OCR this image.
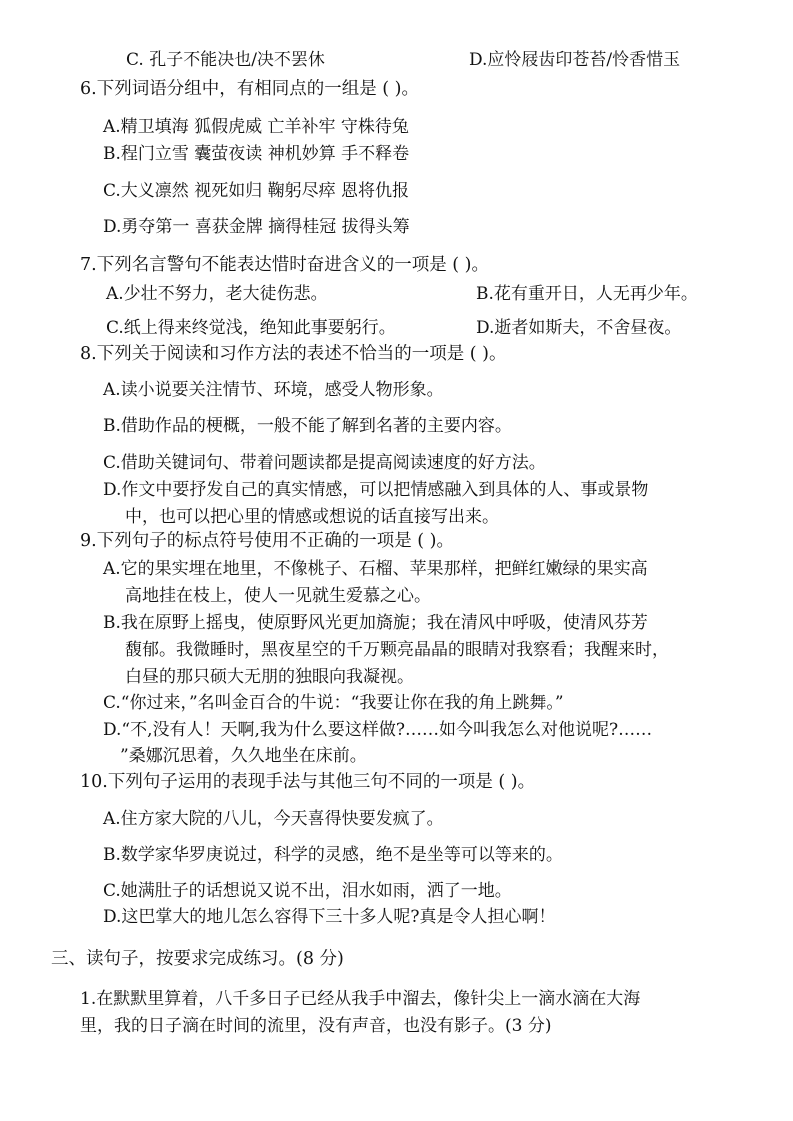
C. 孔子不能决也/决不罢休	D.应怜屐齿印苍苔/怜香惜玉
6.下列词语分组中，有相同点的一组是 ( )。
A.精卫填海 狐假虎威 亡羊补牢 守株待兔
B.程门立雪 囊萤夜读 神机妙算 手不释卷
C.大义凛然 视死如归 鞠躬尽瘁 恩将仇报
D.勇夺第一 喜获金牌 摘得桂冠 拔得头筹
7.下列名言警句不能表达惜时奋进含义的一项是 ( )。
A.少壮不努力，老大徒伤悲。	B.花有重开日，人无再少年。
C.纸上得来终觉浅，绝知此事要躬行。	D.逝者如斯夫，不舍昼夜。
8.下列关于阅读和习作方法的表述不恰当的一项是 ( )。
A.读小说要关注情节、环境，感受人物形象。
B.借助作品的梗概，一般不能了解到名著的主要内容。
C.借助关键词句、带着问题读都是提高阅读速度的好方法。
D.作文中要抒发自己的真实情感，可以把情感融入到具体的人、事或景物
中，也可以把心里的情感或想说的话直接写出来。
9.下列句子的标点符号使用不正确的一项是 ( )。
A.它的果实埋在地里，不像桃子、石榴、苹果那样，把鲜红嫩绿的果实高
高地挂在枝上，使人一见就生爱慕之心。
B.我在原野上摇曳，使原野风光更加旖旎；我在清风中呼吸，使清风芬芳
馥郁。我微睡时，黑夜星空的千万颗亮晶晶的眼睛对我察看；我醒来时，
白昼的那只硕大无朋的独眼向我凝视。
C.“你过来，”名叫金百合的牛说：“我要让你在我的角上跳舞。”
D.“不,没有人！天啊,我为什么要这样做?……如今叫我怎么对他说呢?……
”桑娜沉思着，久久地坐在床前。
10.下列句子运用的表现手法与其他三句不同的一项是 ( )。
A.住方家大院的八儿，今天喜得快要发疯了。
B.数学家华罗庚说过，科学的灵感，绝不是坐等可以等来的。
C.她满肚子的话想说又说不出，泪水如雨，洒了一地。
D.这巴掌大的地儿怎么容得下三十多人呢?真是令人担心啊！
三、读句子，按要求完成练习。(8 分)
1.在默默里算着，八千多日子已经从我手中溜去，像针尖上一滴水滴在大海
里，我的日子滴在时间的流里，没有声音，也没有影子。(3 分)
